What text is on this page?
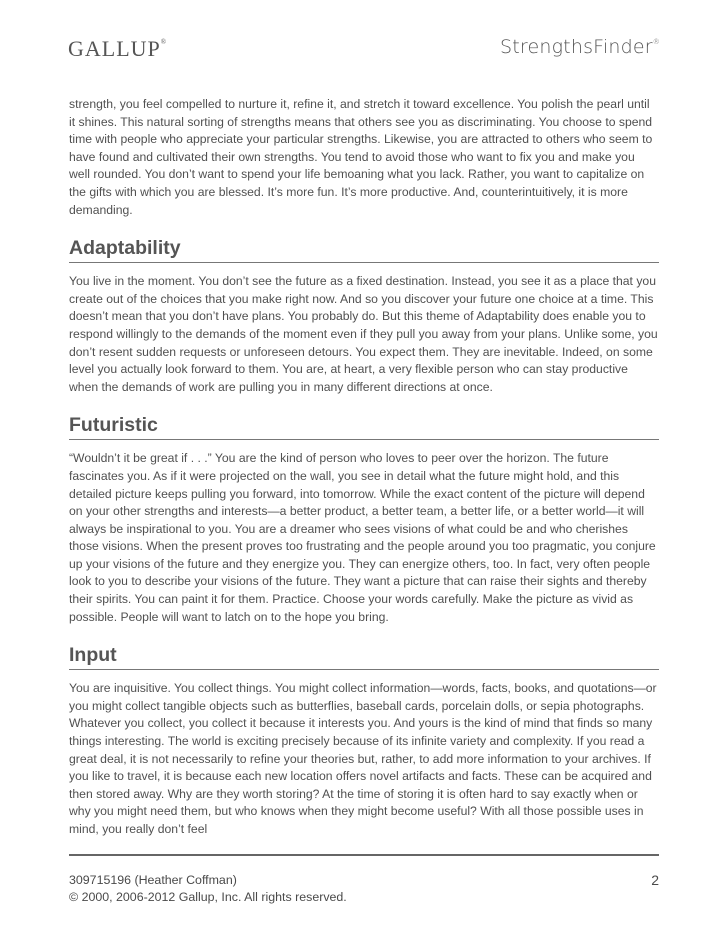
GALLUP®	StrengthsFinder®

strength, you feel compelled to nurture it, refine it, and stretch it toward excellence. You polish the pearl until it shines. This natural sorting of strengths means that others see you as discriminating. You choose to spend time with people who appreciate your particular strengths. Likewise, you are attracted to others who seem to have found and cultivated their own strengths. You tend to avoid those who want to fix you and make you well rounded. You don’t want to spend your life bemoaning what you lack. Rather, you want to capitalize on the gifts with which you are blessed. It’s more fun. It’s more productive. And, counterintuitively, it is more demanding.

Adaptability

You live in the moment. You don’t see the future as a fixed destination. Instead, you see it as a place that you create out of the choices that you make right now. And so you discover your future one choice at a time. This doesn’t mean that you don’t have plans. You probably do. But this theme of Adaptability does enable you to respond willingly to the demands of the moment even if they pull you away from your plans. Unlike some, you don’t resent sudden requests or unforeseen detours. You expect them. They are inevitable. Indeed, on some level you actually look forward to them. You are, at heart, a very flexible person who can stay productive when the demands of work are pulling you in many different directions at once.

Futuristic

“Wouldn’t it be great if . . .” You are the kind of person who loves to peer over the horizon. The future fascinates you. As if it were projected on the wall, you see in detail what the future might hold, and this detailed picture keeps pulling you forward, into tomorrow. While the exact content of the picture will depend on your other strengths and interests—a better product, a better team, a better life, or a better world—it will always be inspirational to you. You are a dreamer who sees visions of what could be and who cherishes those visions. When the present proves too frustrating and the people around you too pragmatic, you conjure up your visions of the future and they energize you. They can energize others, too. In fact, very often people look to you to describe your visions of the future. They want a picture that can raise their sights and thereby their spirits. You can paint it for them. Practice. Choose your words carefully. Make the picture as vivid as possible. People will want to latch on to the hope you bring.

Input

You are inquisitive. You collect things. You might collect information—words, facts, books, and quotations—or you might collect tangible objects such as butterflies, baseball cards, porcelain dolls, or sepia photographs. Whatever you collect, you collect it because it interests you. And yours is the kind of mind that finds so many things interesting. The world is exciting precisely because of its infinite variety and complexity. If you read a great deal, it is not necessarily to refine your theories but, rather, to add more information to your archives. If you like to travel, it is because each new location offers novel artifacts and facts. These can be acquired and then stored away. Why are they worth storing? At the time of storing it is often hard to say exactly when or why you might need them, but who knows when they might become useful? With all those possible uses in mind, you really don’t feel

309715196 (Heather Coffman)
© 2000, 2006-2012 Gallup, Inc. All rights reserved.
2
